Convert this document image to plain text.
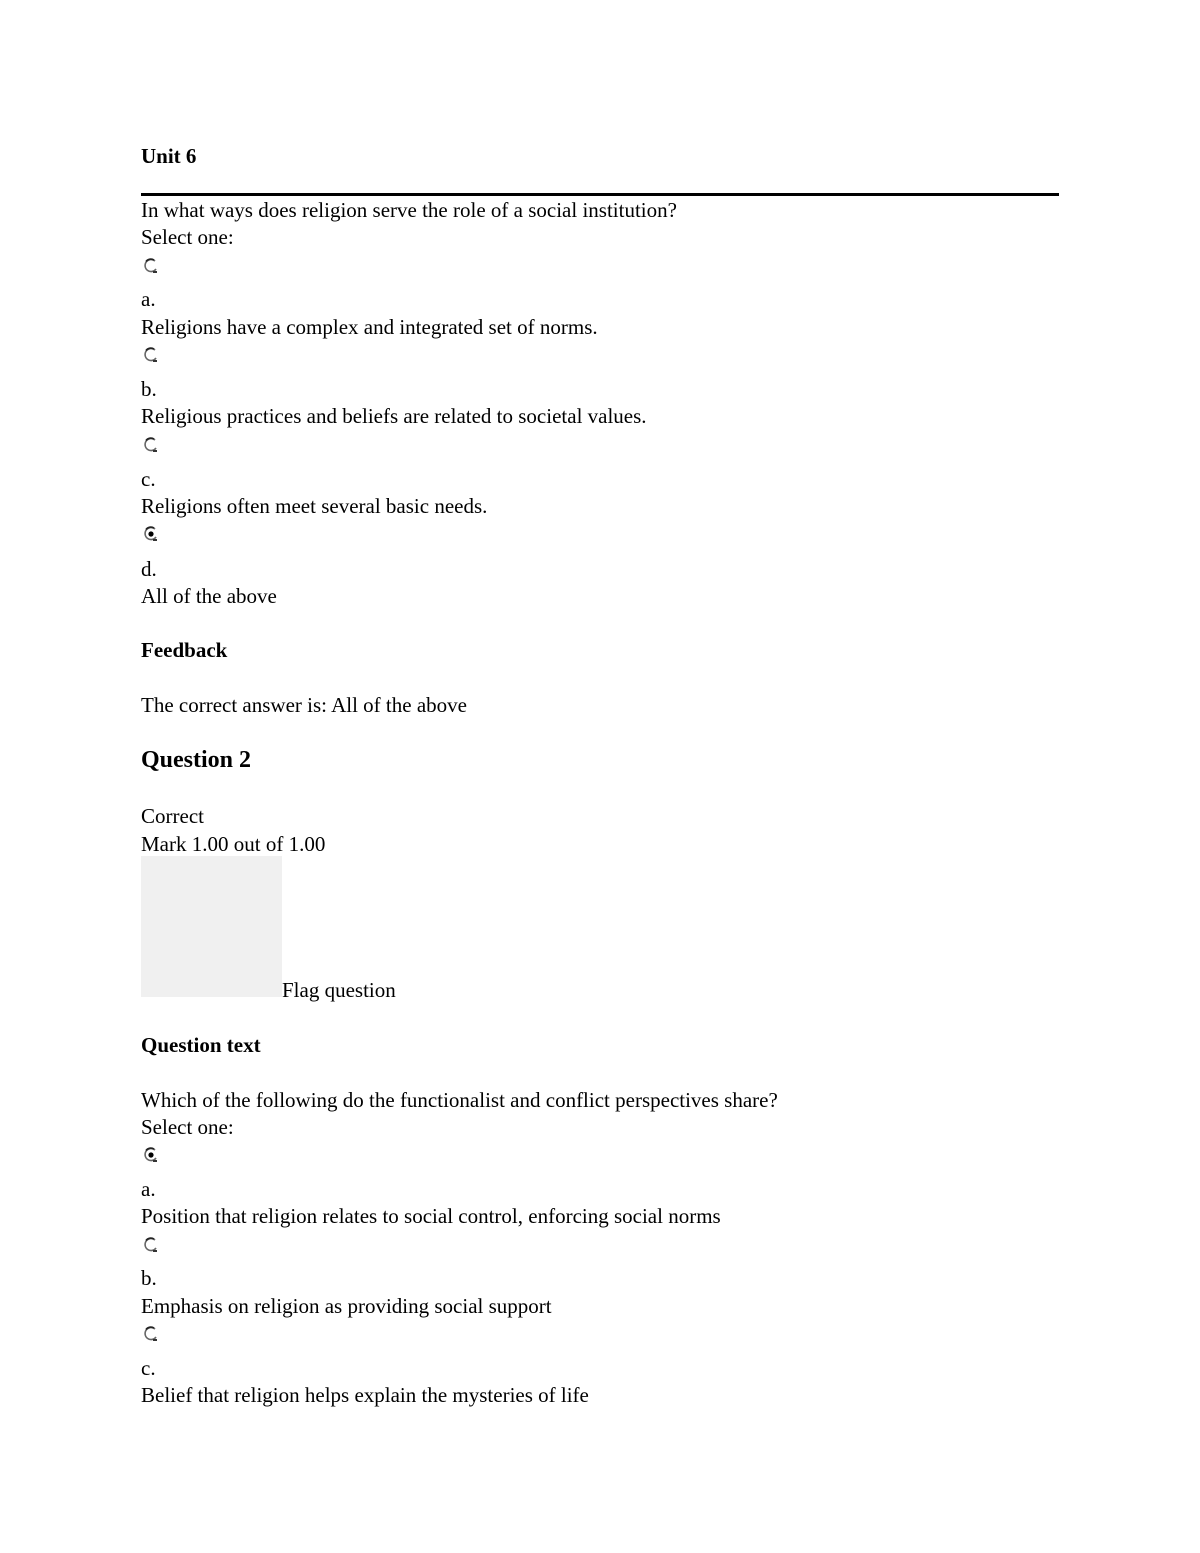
Unit 6
In what ways does religion serve the role of a social institution?
Select one:
a.
Religions have a complex and integrated set of norms.
b.
Religious practices and beliefs are related to societal values.
c.
Religions often meet several basic needs.
d.
All of the above
Feedback
The correct answer is: All of the above
Question 2
Correct
Mark 1.00 out of 1.00
Flag question
Question text
Which of the following do the functionalist and conflict perspectives share?
Select one:
a.
Position that religion relates to social control, enforcing social norms
b.
Emphasis on religion as providing social support
c.
Belief that religion helps explain the mysteries of life
